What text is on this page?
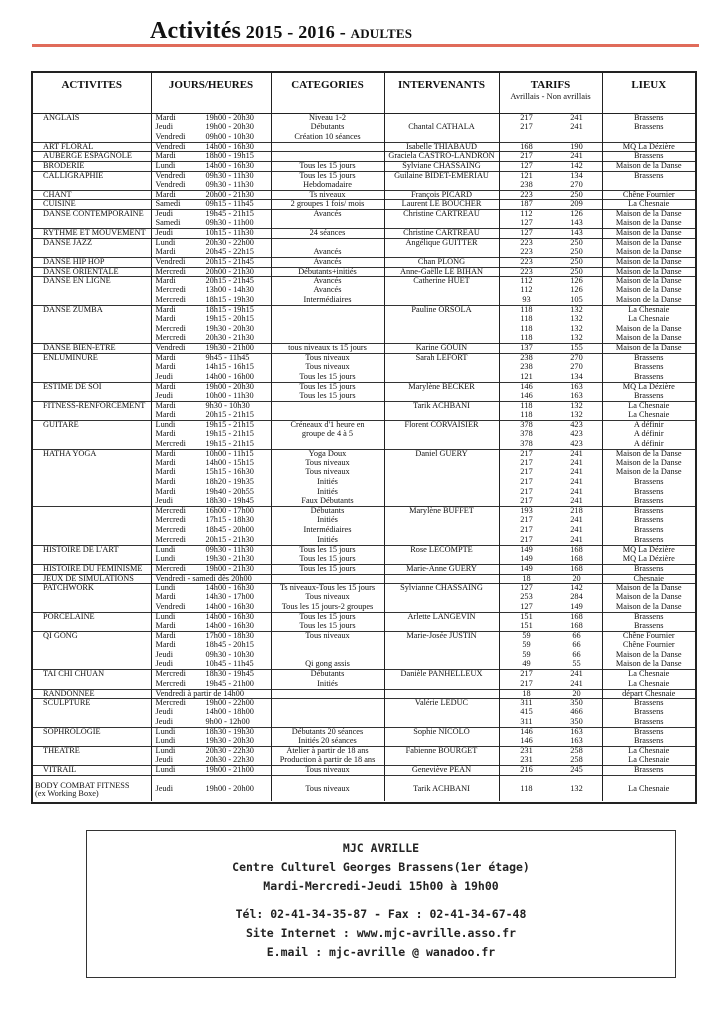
Activités 2015 - 2016 - ADULTES
ACTIVITES	JOURS/HEURES	CATEGORIES	INTERVENANTS	TARIFS
Avrillais - Non avrillais	LIEUX
ANGLAIS	Mardi 19h00 - 20h30	Niveau 1-2		217 241	Brassens
	Jeudi 19h00 - 20h30	Débutants	Chantal CATHALA	217 241	Brassens
	Vendredi 09h00 - 10h30	Création 10 séances			
ART FLORAL	Vendredi 14h00 - 16h30		Isabelle THIABAUD	168 190	MQ La Dézière
AUBERGE ESPAGNOLE	Mardi 18h00 - 19h15		Graciela CASTRO-LANDRON	217 241	Brassens
BRODERIE	Lundi 14h00 - 16h30	Tous les 15 jours	Sylviane CHASSAING	127 142	Maison de la Danse
CALLIGRAPHIE	Vendredi 09h30 - 11h30	Tous les 15 jours	Guilaine BIDET-EMERIAU	121 134	Brassens
	Vendredi 09h30 - 11h30	Hebdomadaire		238 270	
CHANT	Mardi 20h00 - 21h30	Ts niveaux	François PICARD	223 250	Chêne Fournier
CUISINE	Samedi 09h15 - 11h45	2 groupes 1 fois/ mois	Laurent LE BOUCHER	187 209	La Chesnaie
DANSE CONTEMPORAINE	Jeudi 19h45 - 21h15	Avancés	Christine CARTREAU	112 126	Maison de la Danse
	Samedi 09h30 - 11h00			127 143	Maison de la Danse
RYTHME ET MOUVEMENT	Jeudi 10h15 - 11h30	24 séances	Christine CARTREAU	127 143	Maison de la Danse
DANSE JAZZ	Lundi 20h30 - 22h00		Angélique GUITTER	223 250	Maison de la Danse
	Mardi 20h45 - 22h15	Avancés		223 250	Maison de la Danse
DANSE HIP HOP	Vendredi 20h15 - 21h45	Avancés	Chan PLONG	223 250	Maison de la Danse
DANSE ORIENTALE	Mercredi 20h00 - 21h30	Débutants+initiés	Anne-Gaëlle LE BIHAN	223 250	Maison de la Danse
DANSE EN LIGNE	Mardi 20h15 - 21h45	Avancés	Catherine HUET	112 126	Maison de la Danse
	Mercredi 13h00 - 14h30	Avancés		112 126	Maison de la Danse
	Mercredi 18h15 - 19h30	Intermédiaires		93 105	Maison de la Danse
DANSE ZUMBA	Mardi 18h15 - 19h15		Pauline ORSOLA	118 132	La Chesnaie
	Mardi 19h15 - 20h15			118 132	La Chesnaie
	Mercredi 19h30 - 20h30			118 132	Maison de la Danse
	Mercredi 20h30 - 21h30			118 132	Maison de la Danse
DANSE BIEN-ETRE	Vendredi 19h30 - 21h00	tous niveaux ts 15 jours	Karine GOUIN	137 155	Maison de la Danse
ENLUMINURE	Mardi 9h45 - 11h45	Tous niveaux	Sarah LEFORT	238 270	Brassens
	Mardi 14h15 - 16h15	Tous niveaux		238 270	Brassens
	Jeudi 14h00 - 16h00	Tous les 15 jours		121 134	Brassens
ESTIME DE SOI	Mardi 19h00 - 20h30	Tous les 15 jours	Marylène BECKER	146 163	MQ La Dézière
	Jeudi 10h00 - 11h30	Tous les 15 jours		146 163	Brassens
FITNESS-RENFORCEMENT	Mardi 9h30 - 10h30		Tarik ACHBANI	118 132	La Chesnaie
	Mardi 20h15 - 21h15			118 132	La Chesnaie
GUITARE	Lundi 19h15 - 21h15	Créneaux d'1 heure en	Florent CORVAISIER	378 423	A définir
	Mardi 19h15 - 21h15	groupe de 4 à 5		378 423	A définir
	Mercredi 19h15 - 21h15			378 423	A définir
HATHA YOGA	Mardi 10h00 - 11h15	Yoga Doux	Daniel GUERY	217 241	Maison de la Danse
	Mardi 14h00 - 15h15	Tous niveaux		217 241	Maison de la Danse
	Mardi 15h15 - 16h30	Tous niveaux		217 241	Maison de la Danse
	Mardi 18h20 - 19h35	Initiés		217 241	Brassens
	Mardi 19h40 - 20h55	Initiés		217 241	Brassens
	Jeudi 18h30 - 19h45	Faux Débutants		217 241	Brassens
	Mercredi 16h00 - 17h00	Débutants	Marylène BUFFET	193 218	Brassens
	Mercredi 17h15 - 18h30	Initiés		217 241	Brassens
	Mercredi 18h45 - 20h00	Intermédiaires		217 241	Brassens
	Mercredi 20h15 - 21h30	Initiés		217 241	Brassens
HISTOIRE DE L'ART	Lundi 09h30 - 11h30	Tous les 15 jours	Rose LECOMPTE	149 168	MQ La Dézière
	Lundi 19h30 - 21h30	Tous les 15 jours		149 168	MQ La Dézière
HISTOIRE DU FEMINISME	Mercredi 19h00 - 21h30	Tous les 15 jours	Marie-Anne GUERY	149 168	Brassens
JEUX DE SIMULATIONS	Vendredi - samedi dès 20h00			18 20	Chesnaie
PATCHWORK	Lundi 14h00 - 16h30	Ts niveaux-Tous les 15 jours	Sylvianne CHASSAING	127 142	Maison de la Danse
	Mardi 14h30 - 17h00	Tous niveaux		253 284	Maison de la Danse
	Vendredi 14h00 - 16h30	Tous les 15 jours-2 groupes		127 149	Maison de la Danse
PORCELAINE	Lundi 14h00 - 16h30	Tous les 15 jours	Arlette LANGEVIN	151 168	Brassens
	Mardi 14h00 - 16h30	Tous les 15 jours		151 168	Brassens
QI GONG	Mardi 17h00 - 18h30	Tous niveaux	Marie-Josée JUSTIN	59 66	Chêne Fournier
	Mardi 18h45 - 20h15			59 66	Chêne Fournier
	Jeudi 09h30 - 10h30			59 66	Maison de la Danse
	Jeudi 10h45 - 11h45	Qi gong assis		49 55	Maison de la Danse
TAI CHI CHUAN	Mercredi 18h30 - 19h45	Débutants	Danièle PANHELLEUX	217 241	La Chesnaie
	Mercredi 19h45 - 21h00	Initiés		217 241	La Chesnaie
RANDONNEE	Vendredi à partir de 14h00			18 20	départ Chesnaie
SCULPTURE	Mercredi 19h00 - 22h00		Valérie LEDUC	311 350	Brassens
	Jeudi 14h00 - 18h00			415 466	Brassens
	Jeudi 9h00 - 12h00			311 350	Brassens
SOPHROLOGIE	Lundi 18h30 - 19h30	Débutants 20 séances	Sophie NICOLO	146 163	Brassens
	Lundi 19h30 - 20h30	Initiés 20 séances		146 163	Brassens
THEATRE	Lundi 20h30 - 22h30	Atelier à partir de 18 ans	Fabienne BOURGET	231 258	La Chesnaie
	Jeudi 20h30 - 22h30	Production à partir de 18 ans		231 258	La Chesnaie
VITRAIL	Lundi 19h00 - 21h00	Tous niveaux	Geneviève PEAN	216 245	Brassens
BODY COMBAT FITNESS
(ex Working Boxe)	Jeudi 19h00 - 20h00	Tous niveaux	Tarik ACHBANI	118 132	La Chesnaie
MJC AVRILLE
Centre Culturel Georges Brassens(1er étage)
Mardi-Mercredi-Jeudi 15h00 à 19h00
Tél: 02-41-34-35-87 - Fax : 02-41-34-67-48
Site Internet : www.mjc-avrille.asso.fr
E.mail : mjc-avrille @ wanadoo.fr
